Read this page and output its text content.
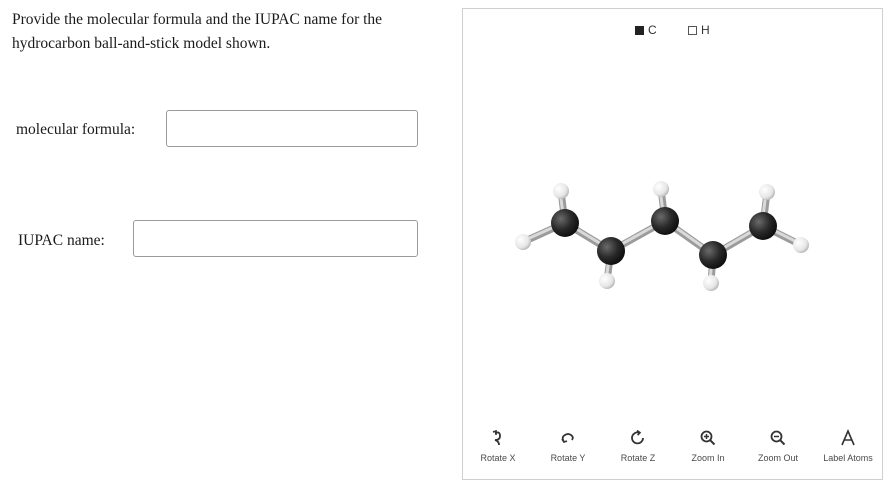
Provide the molecular formula and the IUPAC name for the hydrocarbon ball-and-stick model shown.
molecular formula:
IUPAC name:
C	H
Rotate X	Rotate Y	Rotate Z	Zoom In	Zoom Out	Label Atoms
